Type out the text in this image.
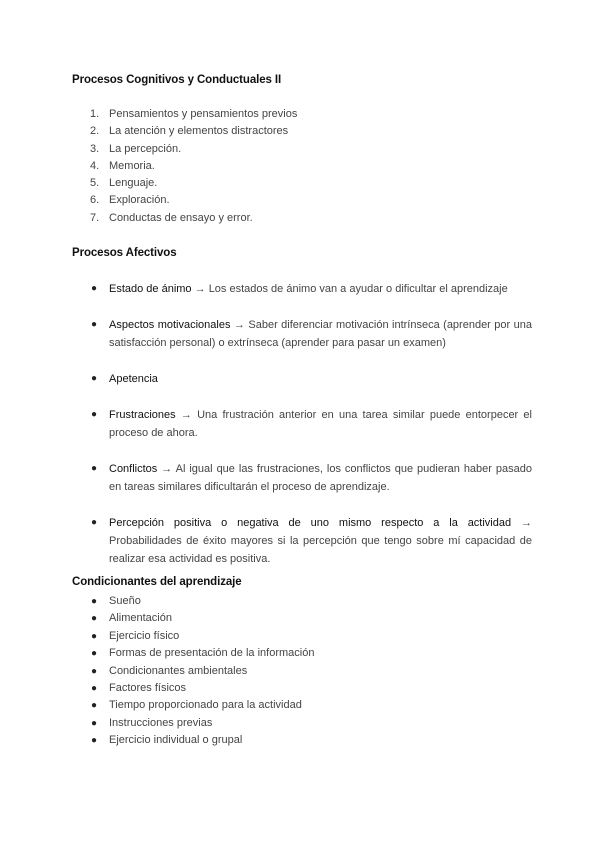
Procesos Cognitivos y Conductuales II
1. Pensamientos y pensamientos previos
2. La atención y elementos distractores
3. La percepción.
4. Memoria.
5. Lenguaje.
6. Exploración.
7. Conductas de ensayo y error.
Procesos Afectivos
● Estado de ánimo → Los estados de ánimo van a ayudar o dificultar el aprendizaje
● Aspectos motivacionales → Saber diferenciar motivación intrínseca (aprender por una satisfacción personal) o extrínseca (aprender para pasar un examen)
● Apetencia
● Frustraciones → Una frustración anterior en una tarea similar puede entorpecer el proceso de ahora.
● Conflictos → Al igual que las frustraciones, los conflictos que pudieran haber pasado en tareas similares dificultarán el proceso de aprendizaje.
● Percepción positiva o negativa de uno mismo respecto a la actividad → Probabilidades de éxito mayores si la percepción que tengo sobre mí capacidad de realizar esa actividad es positiva.
Condicionantes del aprendizaje
● Sueño
● Alimentación
● Ejercicio físico
● Formas de presentación de la información
● Condicionantes ambientales
● Factores físicos
● Tiempo proporcionado para la actividad
● Instrucciones previas
● Ejercicio individual o grupal
